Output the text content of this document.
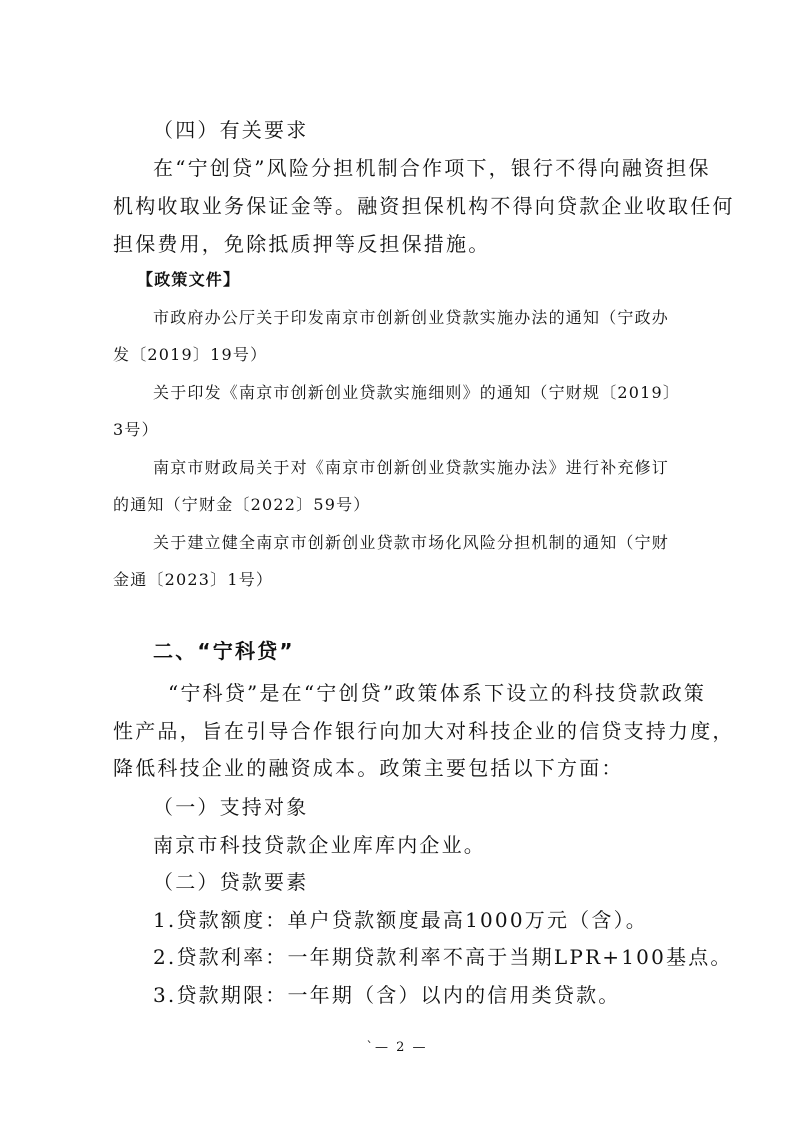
（四）有关要求
在“宁创贷”风险分担机制合作项下，银行不得向融资担保
机构收取业务保证金等。融资担保机构不得向贷款企业收取任何
担保费用，免除抵质押等反担保措施。
【政策文件】
市政府办公厅关于印发南京市创新创业贷款实施办法的通知（宁政办
发〔2019〕19号）
关于印发《南京市创新创业贷款实施细则》的通知（宁财规〔2019〕
3号）
南京市财政局关于对《南京市创新创业贷款实施办法》进行补充修订
的通知（宁财金〔2022〕59号）
关于建立健全南京市创新创业贷款市场化风险分担机制的通知（宁财
金通〔2023〕1号）
二、“宁科贷”
“宁科贷”是在“宁创贷”政策体系下设立的科技贷款政策
性产品，旨在引导合作银行向加大对科技企业的信贷支持力度，
降低科技企业的融资成本。政策主要包括以下方面：
（一）支持对象
南京市科技贷款企业库库内企业。
（二）贷款要素
1.贷款额度：单户贷款额度最高1000万元（含）。
2.贷款利率：一年期贷款利率不高于当期LPR+100基点。
3.贷款期限：一年期（含）以内的信用类贷款。
`— 2 —
